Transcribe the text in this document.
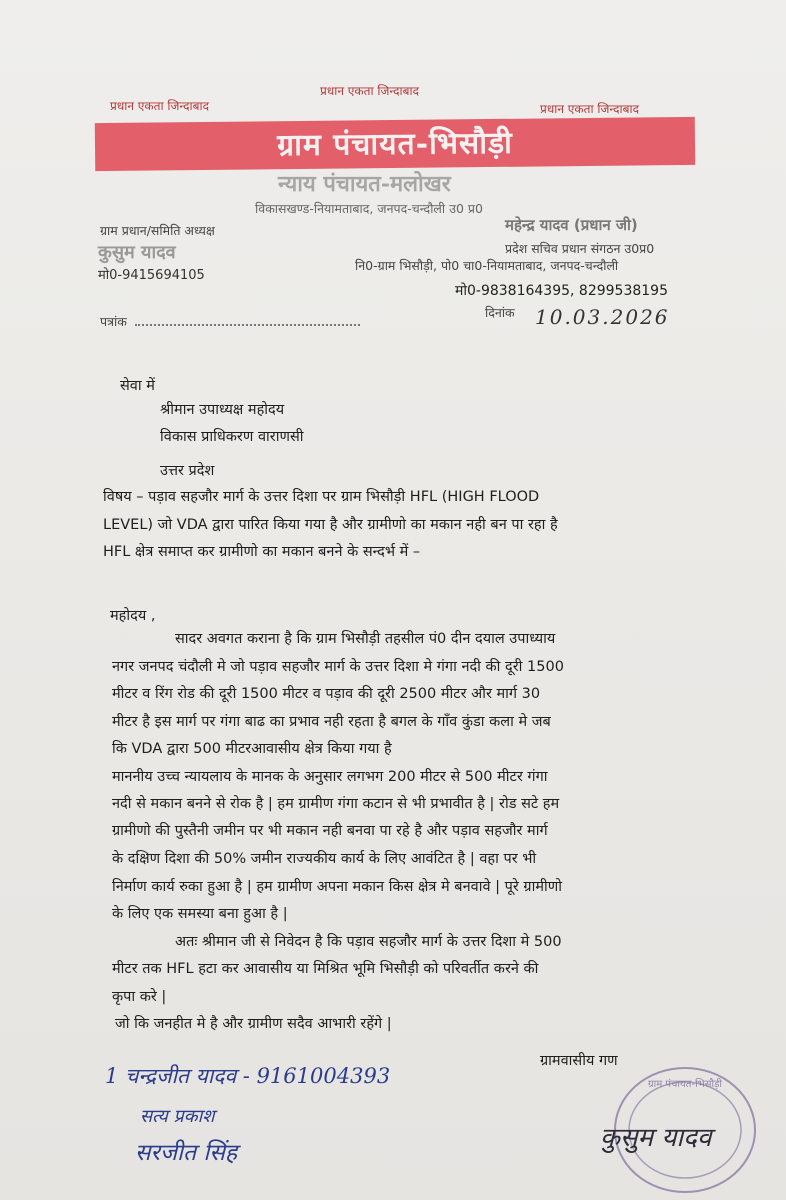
प्रधान एकता जिन्दाबाद
प्रधान एकता जिन्दाबाद
प्रधान एकता जिन्दाबाद
ग्राम पंचायत-भिसौड़ी
न्याय पंचायत-मलोखर
विकासखण्ड-नियामताबाद, जनपद-चन्दौली उ0 प्र0
ग्राम प्रधान/समिति अध्यक्ष
कुसुम यादव
मो0-9415694105
महेन्द्र यादव (प्रधान जी)
प्रदेश सचिव प्रधान संगठन उ0प्र0
नि0-ग्राम भिसौड़ी, पो0 चा0-नियामताबाद, जनपद-चन्दौली
मो0-9838164395, 8299538195
पत्रांक
दिनांक 10.03.2026
सेवा में
श्रीमान उपाध्यक्ष महोदय
विकास प्राधिकरण वाराणसी
उत्तर प्रदेश
विषय – पड़ाव सहजौर मार्ग के उत्तर दिशा पर ग्राम भिसौड़ी HFL (HIGH FLOOD
LEVEL) जो VDA द्वारा पारित किया गया है और ग्रामीणो का मकान नही बन पा रहा है
HFL क्षेत्र समाप्त कर ग्रामीणो का मकान बनने के सन्दर्भ में –
महोदय ,
सादर अवगत कराना है कि ग्राम भिसौड़ी तहसील पं0 दीन दयाल उपाध्याय
नगर जनपद चंदौली मे जो पड़ाव सहजौर मार्ग के उत्तर दिशा मे गंगा नदी की दूरी 1500
मीटर व रिंग रोड की दूरी 1500 मीटर व पड़ाव की दूरी 2500 मीटर और मार्ग 30
मीटर है इस मार्ग पर गंगा बाढ का प्रभाव नही रहता है बगल के गाँव कुंडा कला मे जब
कि VDA द्वारा 500 मीटरआवासीय क्षेत्र किया गया है
माननीय उच्च न्यायलाय के मानक के अनुसार लगभग 200 मीटर से 500 मीटर गंगा
नदी से मकान बनने से रोक है | हम ग्रामीण गंगा कटान से भी प्रभावीत है | रोड सटे हम
ग्रामीणो की पुस्तैनी जमीन पर भी मकान नही बनवा पा रहे है और पड़ाव सहजौर मार्ग
के दक्षिण दिशा की 50% जमीन राज्यकीय कार्य के लिए आवंटित है | वहा पर भी
निर्माण कार्य रुका हुआ है | हम ग्रामीण अपना मकान किस क्षेत्र मे बनवावे | पूरे ग्रामीणो
के लिए एक समस्या बना हुआ है |
अतः श्रीमान जी से निवेदन है कि पड़ाव सहजौर मार्ग के उत्तर दिशा मे 500
मीटर तक HFL हटा कर आवासीय या मिश्रित भूमि भिसौड़ी को परिवर्तीत करने की
कृपा करे |
जो कि जनहीत मे है और ग्रामीण सदैव आभारी रहेंगे |
ग्रामवासीय गण
1 चन्द्रजीत यादव - 9161004393
सत्य प्रकाश
सरजीत सिंह
ग्राम पंचायत-भिसौड़ी
कुसुम यादव
